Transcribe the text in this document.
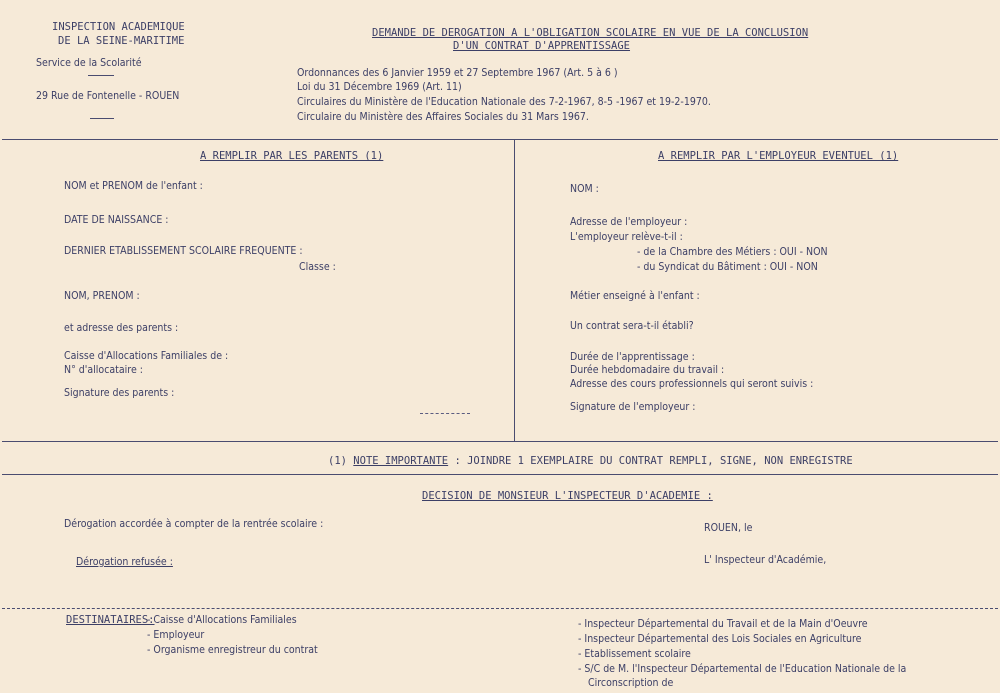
INSPECTION ACADEMIQUE
DE LA SEINE-MARITIME
Service de la Scolarité
29 Rue de Fontenelle - ROUEN
DEMANDE DE DEROGATION A L'OBLIGATION SCOLAIRE EN VUE DE LA CONCLUSION
D'UN CONTRAT D'APPRENTISSAGE
Ordonnances des 6 Janvier 1959 et 27 Septembre 1967 (Art. 5 à 6 )
Loi du 31 Décembre 1969 (Art. 11)
Circulaires du Ministère de l'Education Nationale des 7-2-1967, 8-5 -1967 et 19-2-1970.
Circulaire du Ministère des Affaires Sociales du 31 Mars 1967.
A REMPLIR PAR LES PARENTS (1)
NOM et PRENOM de l'enfant :
DATE DE NAISSANCE :
DERNIER ETABLISSEMENT SCOLAIRE FREQUENTE :
Classe :
NOM, PRENOM :
et adresse des parents :
Caisse d'Allocations Familiales de :
N° d'allocataire :
Signature des parents :
A REMPLIR PAR L'EMPLOYEUR EVENTUEL (1)
NOM :
Adresse de l'employeur :
L'employeur relève-t-il :
- de la Chambre des Métiers : OUI - NON
- du Syndicat du Bâtiment : OUI - NON
Métier enseigné à l'enfant :
Un contrat sera-t-il établi?
Durée de l'apprentissage :
Durée hebdomadaire du travail :
Adresse des cours professionnels qui seront suivis :
Signature de l'employeur :
(1) NOTE IMPORTANTE : JOINDRE 1 EXEMPLAIRE DU CONTRAT REMPLI, SIGNE, NON ENREGISTRE
DECISION DE MONSIEUR L'INSPECTEUR D'ACADEMIE :
Dérogation accordée à compter de la rentrée scolaire :
Dérogation refusée :
ROUEN, le
L' Inspecteur d'Académie,
DESTINATAIRES:
- Caisse d'Allocations Familiales
- Employeur
- Organisme enregistreur du contrat
- Inspecteur Départemental du Travail et de la Main d'Oeuvre
- Inspecteur Départemental des Lois Sociales en Agriculture
- Etablissement scolaire
- S/C de M. l'Inspecteur Départemental de l'Education Nationale de la
Circonscription de
